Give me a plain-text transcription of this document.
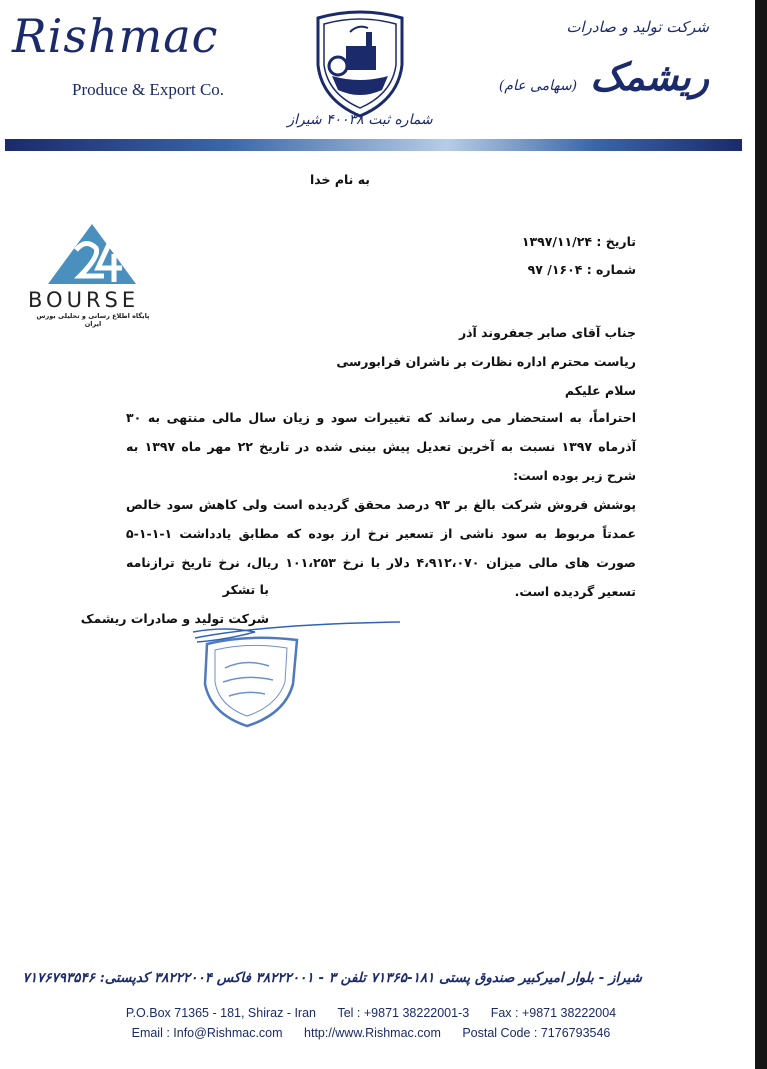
Rishmac
Produce & Export Co.
شماره ثبت ۴۰۰۳۸ شیراز
شرکت تولید و صادرات
ریشمک (سهامی عام)
BOURSE
پایگاه اطلاع رسانی و تحلیلی بورس ایران
به نام خدا
تاریخ : ۱۳۹۷/۱۱/۲۴
شماره : ۱۶۰۴/ ۹۷
جناب آقای صابر جعفروند آذر
ریاست محترم اداره نظارت بر ناشران فرابورسی
سلام علیکم
احتراماً، به استحضار می رساند که تغییرات سود و زیان سال مالی منتهی به ۳۰ آذرماه ۱۳۹۷ نسبت به آخرین تعدیل پیش بینی شده در تاریخ ۲۲ مهر ماه ۱۳۹۷ به شرح زیر بوده است:
پوشش فروش شرکت بالغ بر ۹۳ درصد محقق گردیده است ولی کاهش سود خالص عمدتاً مربوط به سود ناشی از تسعیر نرخ ارز بوده که مطابق یادداشت ۱-۱-۱-۵ صورت های مالی میزان ۴،۹۱۲،۰۷۰ دلار با نرخ ۱۰۱،۲۵۳ ریال، نرخ تاریخ ترازنامه تسعیر گردیده است.
با تشکر
شرکت تولید و صادرات ریشمک
شیراز - بلوار امیرکبیر صندوق پستی ۱۸۱-۷۱۳۶۵ تلفن ۳ - ۳۸۲۲۲۰۰۱ فاکس ۳۸۲۲۲۰۰۴ کدپستی: ۷۱۷۶۷۹۳۵۴۶
P.O.Box 71365 - 181, Shiraz - Iran Tel : +9871 38222001-3 Fax : +9871 38222004
Email : Info@Rishmac.com http://www.Rishmac.com Postal Code : 7176793546
